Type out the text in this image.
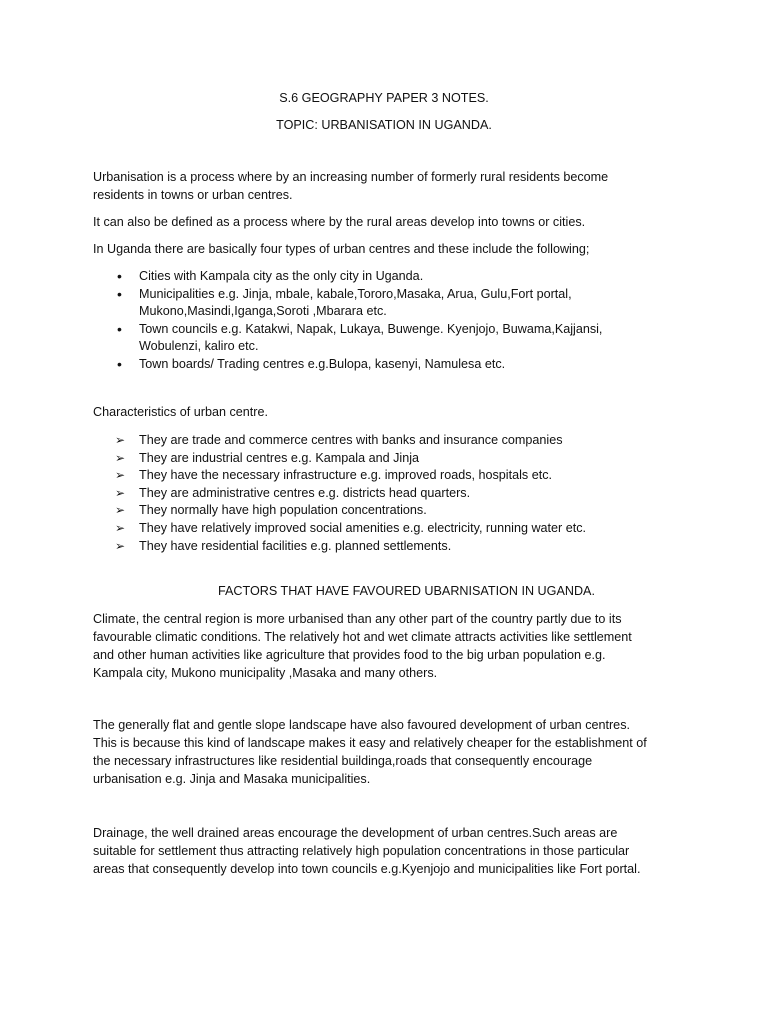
S.6 GEOGRAPHY PAPER 3 NOTES.

TOPIC: URBANISATION IN UGANDA.

Urbanisation is a process where by an increasing number of formerly rural residents become residents in towns or urban centres.

It can also be defined as a process where by the rural areas develop into towns or cities.

In Uganda there are basically four types of urban centres and these include the following;

• Cities with Kampala city as the only city in Uganda.
• Municipalities e.g. Jinja, mbale, kabale,Tororo,Masaka, Arua, Gulu,Fort portal, Mukono,Masindi,Iganga,Soroti ,Mbarara etc.
• Town councils e.g. Katakwi, Napak, Lukaya, Buwenge. Kyenjojo, Buwama,Kajjansi, Wobulenzi, kaliro etc.
• Town boards/ Trading centres e.g.Bulopa, kasenyi, Namulesa etc.

Characteristics of urban centre.

➢ They are trade and commerce centres with banks and insurance companies
➢ They are industrial centres e.g. Kampala and Jinja
➢ They have the necessary infrastructure e.g. improved roads, hospitals etc.
➢ They are administrative centres e.g. districts head quarters.
➢ They normally have high population concentrations.
➢ They have relatively improved social amenities e.g. electricity, running water etc.
➢ They have residential facilities e.g. planned settlements.

FACTORS THAT HAVE FAVOURED UBARNISATION IN UGANDA.

Climate, the central region is more urbanised than any other part of the country partly due to its favourable climatic conditions. The relatively hot and wet climate attracts activities like settlement and other human activities like agriculture that provides food to the big urban population e.g. Kampala city, Mukono municipality ,Masaka and many others.

The generally flat and gentle slope landscape have also favoured development of urban centres. This is because this kind of landscape makes it easy and relatively cheaper for the establishment of the necessary infrastructures like residential buildinga,roads that consequently encourage urbanisation e.g. Jinja and Masaka municipalities.

Drainage, the well drained areas encourage the development of urban centres.Such areas are suitable for settlement thus attracting relatively high population concentrations in those particular areas that consequently develop into town councils e.g.Kyenjojo and municipalities like Fort portal.
